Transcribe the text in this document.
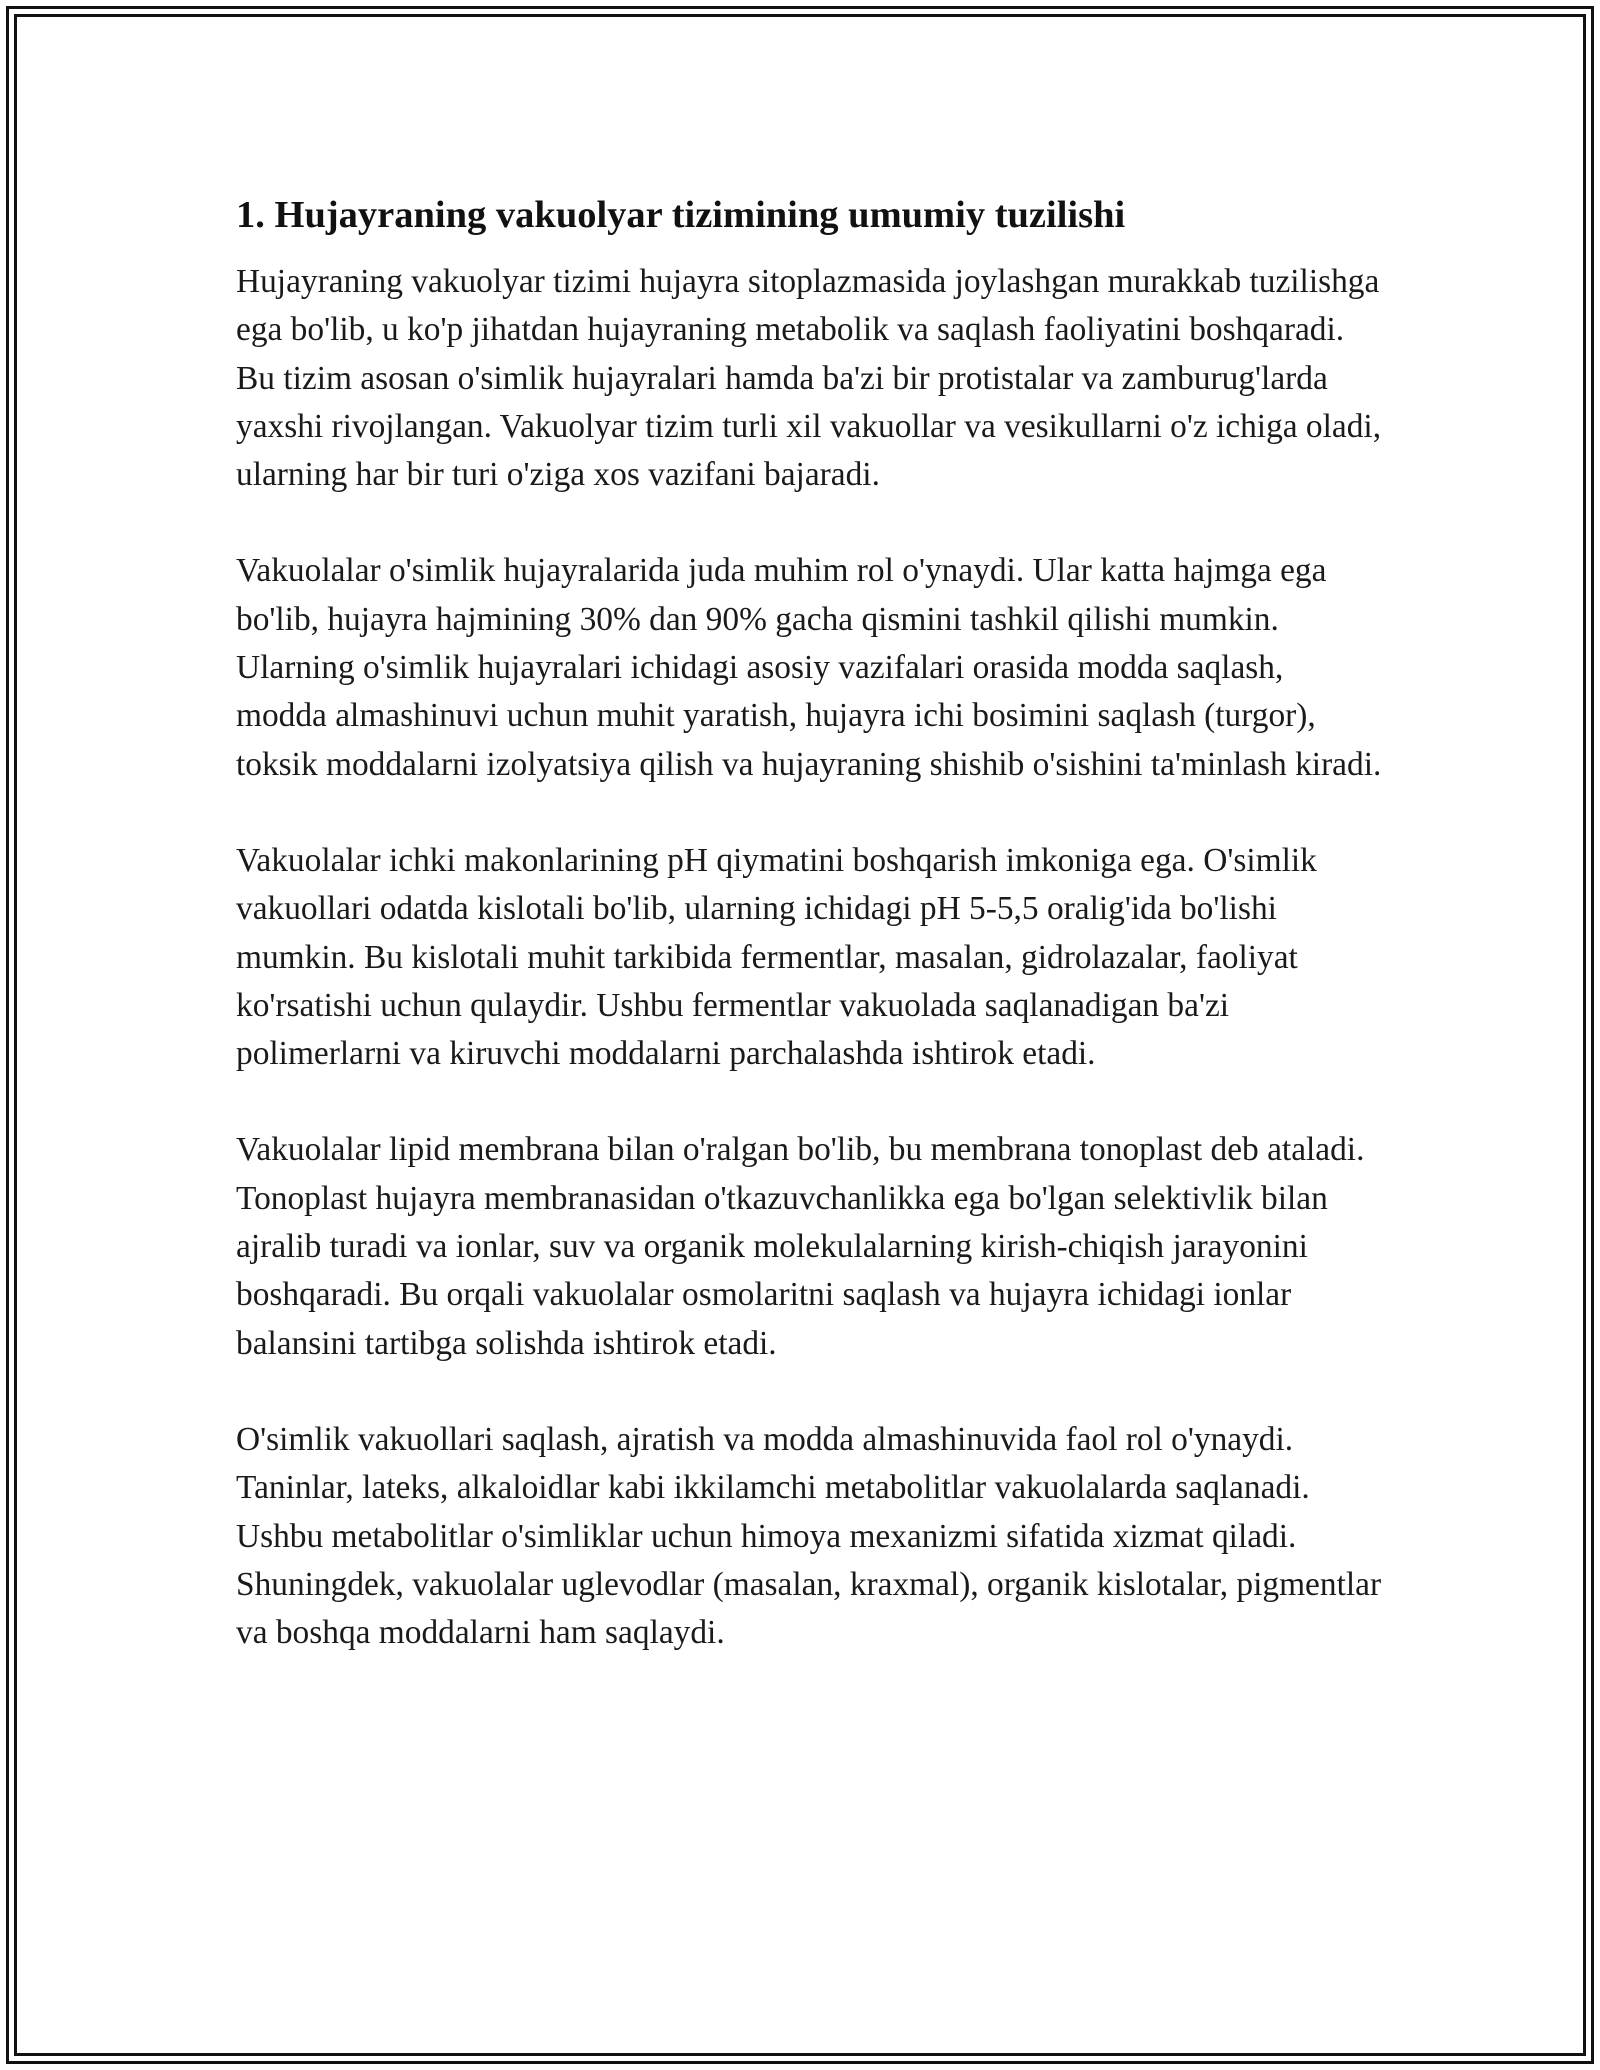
1. Hujayraning vakuolyar tizimining umumiy tuzilishi

Hujayraning vakuolyar tizimi hujayra sitoplazmasida joylashgan murakkab tuzilishga ega bo'lib, u ko'p jihatdan hujayraning metabolik va saqlash faoliyatini boshqaradi. Bu tizim asosan o'simlik hujayralari hamda ba'zi bir protistalar va zamburug'larda yaxshi rivojlangan. Vakuolyar tizim turli xil vakuollar va vesikullarni o'z ichiga oladi, ularning har bir turi o'ziga xos vazifani bajaradi.

Vakuolalar o'simlik hujayralarida juda muhim rol o'ynaydi. Ular katta hajmga ega bo'lib, hujayra hajmining 30% dan 90% gacha qismini tashkil qilishi mumkin. Ularning o'simlik hujayralari ichidagi asosiy vazifalari orasida modda saqlash, modda almashinuvi uchun muhit yaratish, hujayra ichi bosimini saqlash (turgor), toksik moddalarni izolyatsiya qilish va hujayraning shishib o'sishini ta'minlash kiradi.

Vakuolalar ichki makonlarining pH qiymatini boshqarish imkoniga ega. O'simlik vakuollari odatda kislotali bo'lib, ularning ichidagi pH 5-5,5 oralig'ida bo'lishi mumkin. Bu kislotali muhit tarkibida fermentlar, masalan, gidrolazalar, faoliyat ko'rsatishi uchun qulaydir. Ushbu fermentlar vakuolada saqlanadigan ba'zi polimerlarni va kiruvchi moddalarni parchalashda ishtirok etadi.

Vakuolalar lipid membrana bilan o'ralgan bo'lib, bu membrana tonoplast deb ataladi. Tonoplast hujayra membranasidan o'tkazuvchanlikka ega bo'lgan selektivlik bilan ajralib turadi va ionlar, suv va organik molekulalarning kirish-chiqish jarayonini boshqaradi. Bu orqali vakuolalar osmolaritni saqlash va hujayra ichidagi ionlar balansini tartibga solishda ishtirok etadi.

O'simlik vakuollari saqlash, ajratish va modda almashinuvida faol rol o'ynaydi. Taninlar, lateks, alkaloidlar kabi ikkilamchi metabolitlar vakuolalarda saqlanadi. Ushbu metabolitlar o'simliklar uchun himoya mexanizmi sifatida xizmat qiladi. Shuningdek, vakuolalar uglevodlar (masalan, kraxmal), organik kislotalar, pigmentlar va boshqa moddalarni ham saqlaydi.
